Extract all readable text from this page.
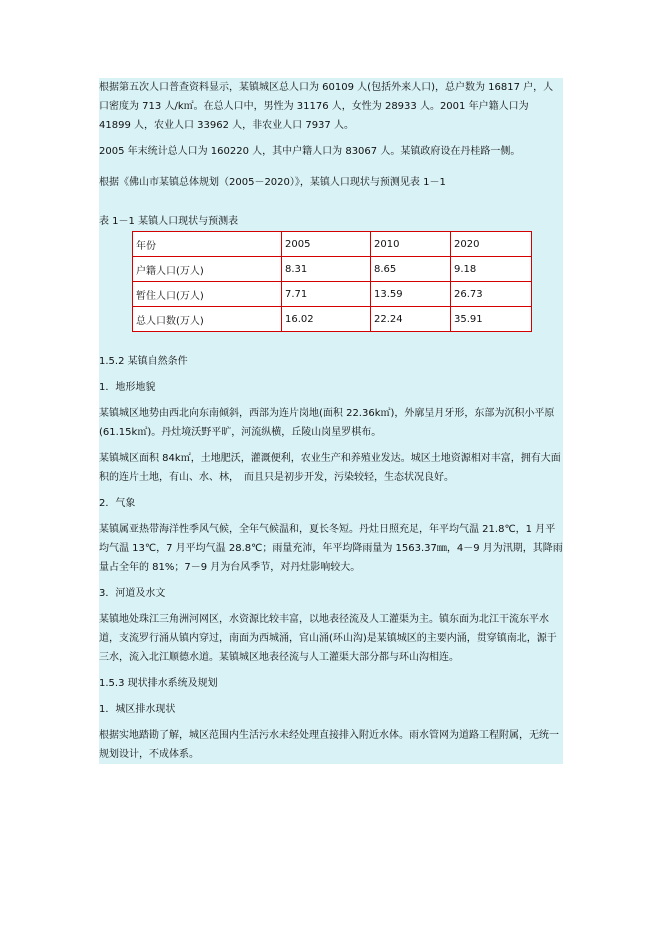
根据第五次人口普查资料显示，某镇城区总人口为 60109 人(包括外来人口)，总户数为 16817 户，人口密度为 713 人/k㎡。在总人口中，男性为 31176 人，女性为 28933 人。2001 年户籍人口为 41899 人，农业人口 33962 人，非农业人口 7937 人。

2005 年末统计总人口为 160220 人，其中户籍人口为 83067 人。某镇政府设在丹桂路一侧。

根据《佛山市某镇总体规划（2005－2020）》，某镇人口现状与预测见表 1－1

表 1－1 某镇人口现状与预测表

年份	2005	2010	2020
户籍人口(万人)	8.31	8.65	9.18
暂住人口(万人)	7.71	13.59	26.73
总人口数(万人)	16.02	22.24	35.91

1.5.2 某镇自然条件

1．地形地貌

某镇城区地势由西北向东南倾斜，西部为连片岗地(面积 22.36k㎡)，外廓呈月牙形，东部为沉积小平原(61.15k㎡)。丹灶境沃野平旷，河流纵横，丘陵山岗星罗棋布。

某镇城区面积 84k㎡，土地肥沃，灌溉便利，农业生产和养殖业发达。城区土地资源相对丰富，拥有大面积的连片土地，有山、水、林，　而且只是初步开发，污染较轻，生态状况良好。

2．气象

某镇属亚热带海洋性季风气候，全年气候温和，夏长冬短。丹灶日照充足，年平均气温 21.8℃，1 月平均气温 13℃，7 月平均气温 28.8℃；雨量充沛，年平均降雨量为 1563.37㎜，4－9 月为汛期，其降雨量占全年的 81%；7－9 月为台风季节，对丹灶影响较大。

3．河道及水文

某镇地处珠江三角洲河网区，水资源比较丰富，以地表径流及人工灌渠为主。镇东面为北江干流东平水道，支流罗行涌从镇内穿过，南面为西城涌，官山涌(环山沟)是某镇城区的主要内涌，贯穿镇南北，源于三水，流入北江顺德水道。某镇城区地表径流与人工灌渠大部分都与环山沟相连。

1.5.3 现状排水系统及规划

1．城区排水现状

根据实地踏勘了解，城区范围内生活污水未经处理直接排入附近水体。雨水管网为道路工程附属，无统一规划设计，不成体系。
